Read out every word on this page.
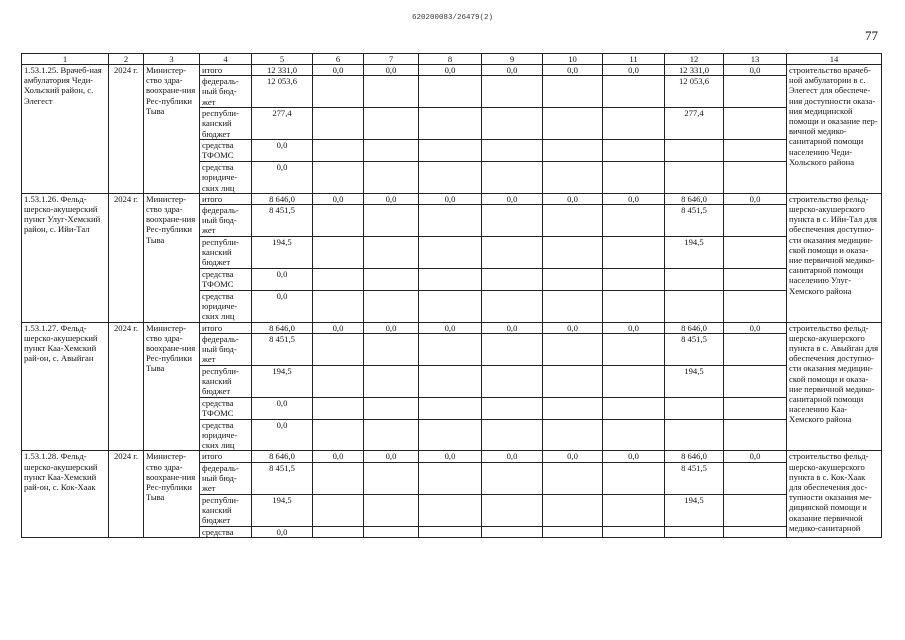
620200083/26479(2)
77
1	2	3	4	5	6	7	8	9	10	11	12	13	14
1.53.1.25. Врачеб-ная амбулатория Чеди-Хольский район, с. Элегест	2024 г.	Министер-ство здра-воохране-ния Рес-публики Тыва	итого	12 331,0	0,0	0,0	0,0	0,0	0,0	0,0	12 331,0	0,0	строительство врачеб-ной амбулатории в с. Элегест для обеспече-ния доступности оказа-ния медицинской помощи и оказание пер-вичной медико-санитарной помощи населению Чеди-Хольского района
			федераль-ный бюд-жет	12 053,6							12 053,6		
			республи-канский бюджет	277,4							277,4		
			средства ТФОМС	0,0									
			средства юридиче-ских лиц	0,0									
1.53.1.26. Фельд-шерско-акушерский пункт Улуг-Хемский район, с. Ийи-Тал	2024 г.	Министер-ство здра-воохране-ния Рес-публики Тыва	итого	8 646,0	0,0	0,0	0,0	0,0	0,0	0,0	8 646,0	0,0	строительство фельд-шерско-акушерского пункта в с. Ийи-Тал для обеспечения доступно-сти оказания медицин-ской помощи и оказа-ние первичной медико-санитарной помощи населению Улуг-Хемского района
			федераль-ный бюд-жет	8 451,5							8 451,5		
			республи-канский бюджет	194,5							194,5		
			средства ТФОМС	0,0									
			средства юридиче-ских лиц	0,0									
1.53.1.27. Фельд-шерско-акушерский пункт Каа-Хемский рай-он, с. Авыйган	2024 г.	Министер-ство здра-воохране-ния Рес-публики Тыва	итого	8 646,0	0,0	0,0	0,0	0,0	0,0	0,0	8 646,0	0,0	строительство фельд-шерско-акушерского пункта в с. Авыйган для обеспечения доступно-сти оказания медицин-ской помощи и оказа-ние первичной медико-санитарной помощи населению Каа-Хемского района
			федераль-ный бюд-жет	8 451,5							8 451,5		
			республи-канский бюджет	194,5							194,5		
			средства ТФОМС	0,0									
			средства юридиче-ских лиц	0,0									
1.53.1.28. Фельд-шерско-акушерский пункт Каа-Хемский рай-он, с. Кок-Хаак	2024 г.	Министер-ство здра-воохране-ния Рес-публики Тыва	итого	8 646,0	0,0	0,0	0,0	0,0	0,0	0,0	8 646,0	0,0	строительство фельд-шерско-акушерского пункта в с. Кок-Хаак для обеспечения дос-тупности оказания ме-дицинской помощи и оказание первичной медико-санитарной
			федераль-ный бюд-жет	8 451,5							8 451,5		
			республи-канский бюджет	194,5							194,5		
			средства	0,0									
